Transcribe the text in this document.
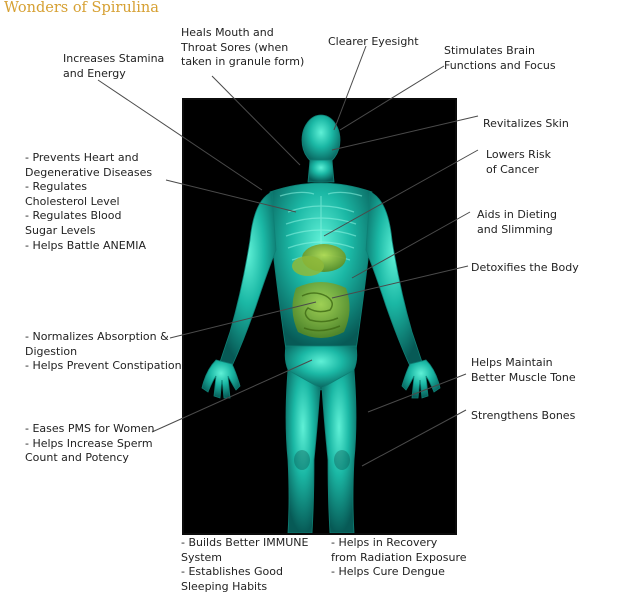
Wonders of Spirulina
Increases Stamina
and Energy
Heals Mouth and
Throat Sores (when
taken in granule form)
Clearer Eyesight
Stimulates Brain
Functions and Focus
Revitalizes Skin
Lowers Risk
of Cancer
- Prevents Heart and
Degenerative Diseases
- Regulates
Cholesterol Level
- Regulates Blood
Sugar Levels
- Helps Battle ANEMIA
Aids in Dieting
and Slimming
Detoxifies the Body
- Normalizes Absorption &
Digestion
- Helps Prevent Constipation	Helps Maintain
Better Muscle Tone
- Eases PMS for Women
- Helps Increase Sperm
Count and Potency
Strengthens Bones
- Builds Better IMMUNE
System
- Establishes Good
Sleeping Habits
- Helps in Recovery
from Radiation Exposure
- Helps Cure Dengue
